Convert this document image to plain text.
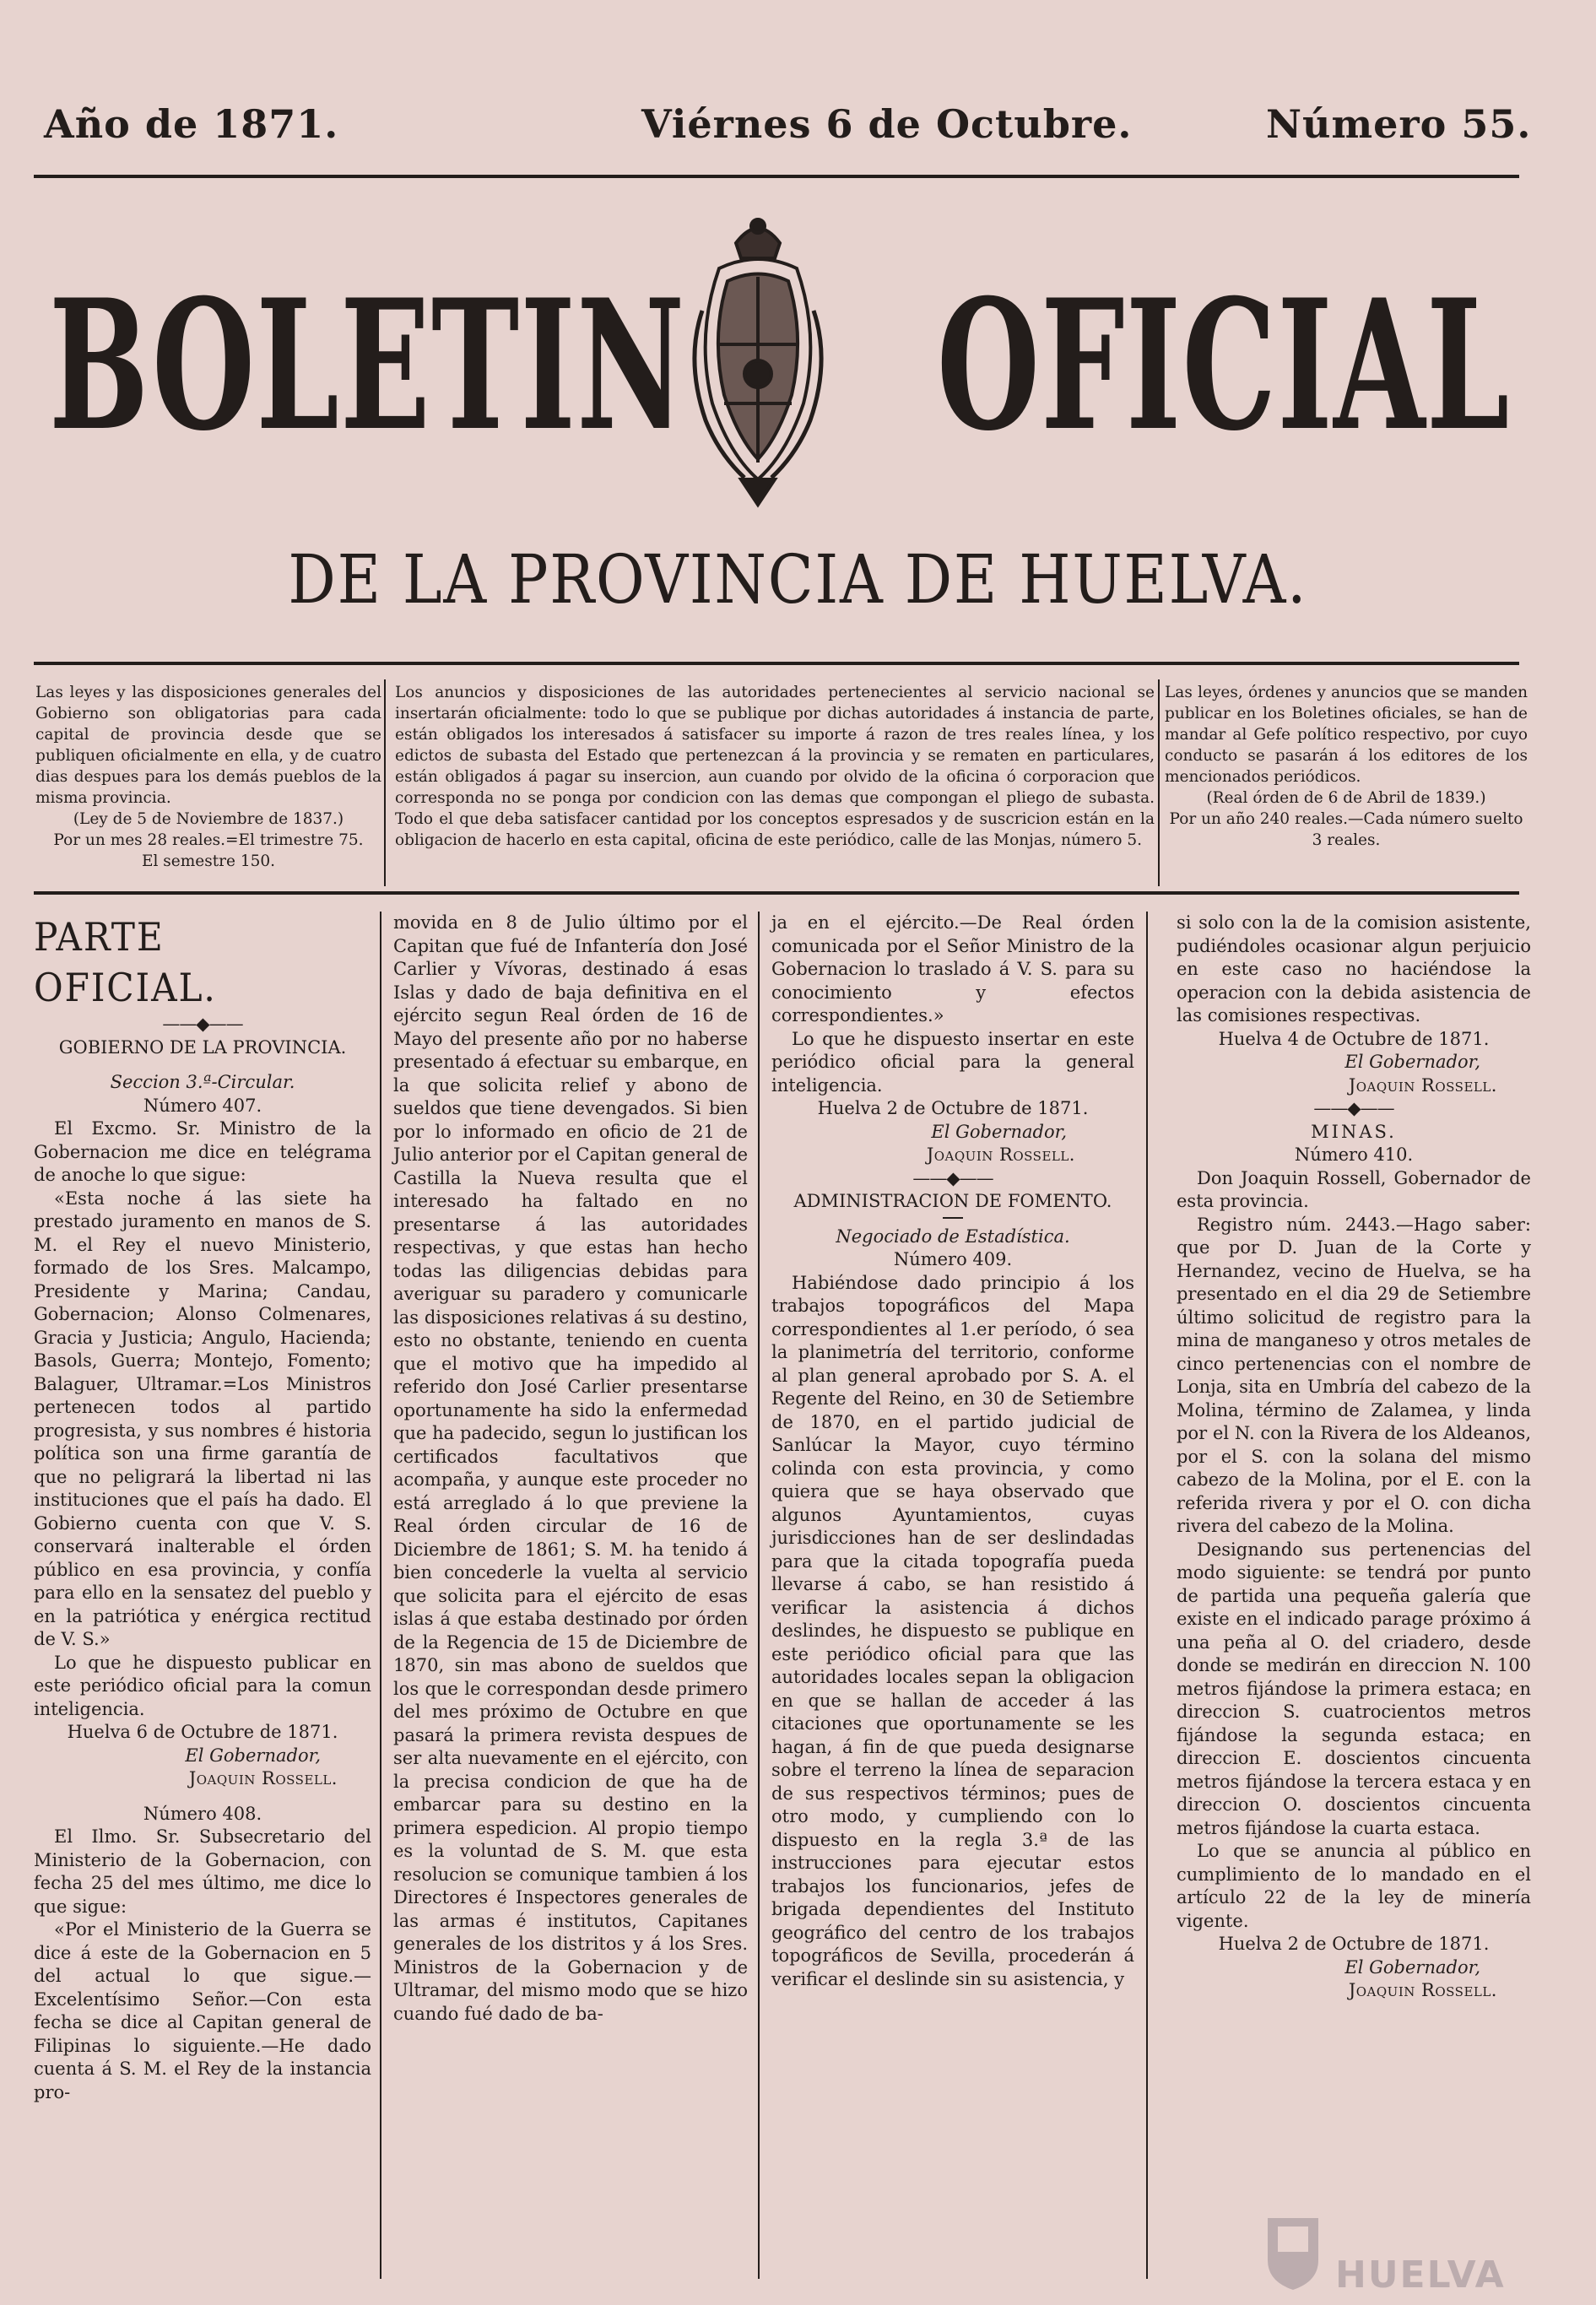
Año de 1871.	Viérnes 6 de Octubre.	Número 55.
BOLETIN OFICIAL
DE LA PROVINCIA DE HUELVA.

Las leyes y las disposiciones generales del Gobierno son obligatorias para cada capital de provincia desde que se publiquen oficialmente en ella, y de cuatro dias despues para los demás pueblos de la misma provincia.

(Ley de 5 de Noviembre de 1837.)

Por un mes 28 reales.=El trimestre 75.

El semestre 150.

Los anuncios y disposiciones de las autoridades pertenecientes al servicio nacional se insertarán oficialmente: todo lo que se publique por dichas autoridades á instancia de parte, están obligados los interesados á satisfacer su importe á razon de tres reales línea, y los edictos de subasta del Estado que pertenezcan á la provincia y se rematen en particulares, están obligados á pagar su insercion, aun cuando por olvido de la oficina ó corporacion que corresponda no se ponga por condicion con las demas que compongan el pliego de subasta. Todo el que deba satisfacer cantidad por los conceptos espresados y de suscricion están en la obligacion de hacerlo en esta capital, oficina de este periódico, calle de las Monjas, número 5.

Las leyes, órdenes y anuncios que se manden publicar en los Boletines oficiales, se han de mandar al Gefe político respectivo, por cuyo conducto se pasarán á los editores de los mencionados periódicos.

(Real órden de 6 de Abril de 1839.)

Por un año 240 reales.—Cada número suelto 3 reales.

PARTE OFICIAL.

——◆——

GOBIERNO DE LA PROVINCIA.

Seccion 3.ª-Circular.

Número 407.

El Excmo. Sr. Ministro de la Gobernacion me dice en telégrama de anoche lo que sigue:

«Esta noche á las siete ha prestado juramento en manos de S. M. el Rey el nuevo Ministerio, formado de los Sres. Malcampo, Presidente y Marina; Candau, Gobernacion; Alonso Colmenares, Gracia y Justicia; Angulo, Hacienda; Basols, Guerra; Montejo, Fomento; Balaguer, Ultramar.=Los Ministros pertenecen todos al partido progresista, y sus nombres é historia política son una firme garantía de que no peligrará la libertad ni las instituciones que el país ha dado. El Gobierno cuenta con que V. S. conservará inalterable el órden público en esa provincia, y confía para ello en la sensatez del pueblo y en la patriótica y enérgica rectitud de V. S.»

Lo que he dispuesto publicar en este periódico oficial para la comun inteligencia.

Huelva 6 de Octubre de 1871.

El Gobernador,

Joaquin Rossell.

Número 408.

El Ilmo. Sr. Subsecretario del Ministerio de la Gobernacion, con fecha 25 del mes último, me dice lo que sigue:

«Por el Ministerio de la Guerra se dice á este de la Gobernacion en 5 del actual lo que sigue.—Excelentísimo Señor.—Con esta fecha se dice al Capitan general de Filipinas lo siguiente.—He dado cuenta á S. M. el Rey de la instancia pro-

movida en 8 de Julio último por el Capitan que fué de Infantería don José Carlier y Vívoras, destinado á esas Islas y dado de baja definitiva en el ejército segun Real órden de 16 de Mayo del presente año por no haberse presentado á efectuar su embarque, en la que solicita relief y abono de sueldos que tiene devengados. Si bien por lo informado en oficio de 21 de Julio anterior por el Capitan general de Castilla la Nueva resulta que el interesado ha faltado en no presentarse á las autoridades respectivas, y que estas han hecho todas las diligencias debidas para averiguar su paradero y comunicarle las disposiciones relativas á su destino, esto no obstante, teniendo en cuenta que el motivo que ha impedido al referido don José Carlier presentarse oportunamente ha sido la enfermedad que ha padecido, segun lo justifican los certificados facultativos que acompaña, y aunque este proceder no está arreglado á lo que previene la Real órden circular de 16 de Diciembre de 1861; S. M. ha tenido á bien concederle la vuelta al servicio que solicita para el ejército de esas islas á que estaba destinado por órden de la Regencia de 15 de Diciembre de 1870, sin mas abono de sueldos que los que le correspondan desde primero del mes próximo de Octubre en que pasará la primera revista despues de ser alta nuevamente en el ejército, con la precisa condicion de que ha de embarcar para su destino en la primera espedicion. Al propio tiempo es la voluntad de S. M. que esta resolucion se comunique tambien á los Directores é Inspectores generales de las armas é institutos, Capitanes generales de los distritos y á los Sres. Ministros de la Gobernacion y de Ultramar, del mismo modo que se hizo cuando fué dado de ba-

ja en el ejército.—De Real órden comunicada por el Señor Ministro de la Gobernacion lo traslado á V. S. para su conocimiento y efectos correspondientes.»

Lo que he dispuesto insertar en este periódico oficial para la general inteligencia.

Huelva 2 de Octubre de 1871.

El Gobernador,

Joaquin Rossell.

——◆——

ADMINISTRACION DE FOMENTO.

Negociado de Estadística.

Número 409.

Habiéndose dado principio á los trabajos topográficos del Mapa correspondientes al 1.er período, ó sea la planimetría del territorio, conforme al plan general aprobado por S. A. el Regente del Reino, en 30 de Setiembre de 1870, en el partido judicial de Sanlúcar la Mayor, cuyo término colinda con esta provincia, y como quiera que se haya observado que algunos Ayuntamientos, cuyas jurisdicciones han de ser deslindadas para que la citada topografía pueda llevarse á cabo, se han resistido á verificar la asistencia á dichos deslindes, he dispuesto se publique en este periódico oficial para que las autoridades locales sepan la obligacion en que se hallan de acceder á las citaciones que oportunamente se les hagan, á fin de que pueda designarse sobre el terreno la línea de separacion de sus respectivos términos; pues de otro modo, y cumpliendo con lo dispuesto en la regla 3.ª de las instrucciones para ejecutar estos trabajos los funcionarios, jefes de brigada dependientes del Instituto geográfico del centro de los trabajos topográficos de Sevilla, procederán á verificar el deslinde sin su asistencia, y

si solo con la de la comision asistente, pudiéndoles ocasionar algun perjuicio en este caso no haciéndose la operacion con la debida asistencia de las comisiones respectivas.

Huelva 4 de Octubre de 1871.

El Gobernador,

Joaquin Rossell.

——◆——

MINAS.

Número 410.

Don Joaquin Rossell, Gobernador de esta provincia.

Registro núm. 2443.—Hago saber: que por D. Juan de la Corte y Hernandez, vecino de Huelva, se ha presentado en el dia 29 de Setiembre último solicitud de registro para la mina de manganeso y otros metales de cinco pertenencias con el nombre de Lonja, sita en Umbría del cabezo de la Molina, término de Zalamea, y linda por el N. con la Rivera de los Aldeanos, por el S. con la solana del mismo cabezo de la Molina, por el E. con la referida rivera y por el O. con dicha rivera del cabezo de la Molina.

Designando sus pertenencias del modo siguiente: se tendrá por punto de partida una pequeña galería que existe en el indicado parage próximo á una peña al O. del criadero, desde donde se medirán en direccion N. 100 metros fijándose la primera estaca; en direccion S. cuatrocientos metros fijándose la segunda estaca; en direccion E. doscientos cincuenta metros fijándose la tercera estaca y en direccion O. doscientos cincuenta metros fijándose la cuarta estaca.

Lo que se anuncia al público en cumplimiento de lo mandado en el artículo 22 de la ley de minería vigente.

Huelva 2 de Octubre de 1871.

El Gobernador,

Joaquin Rossell.

HUELVA
